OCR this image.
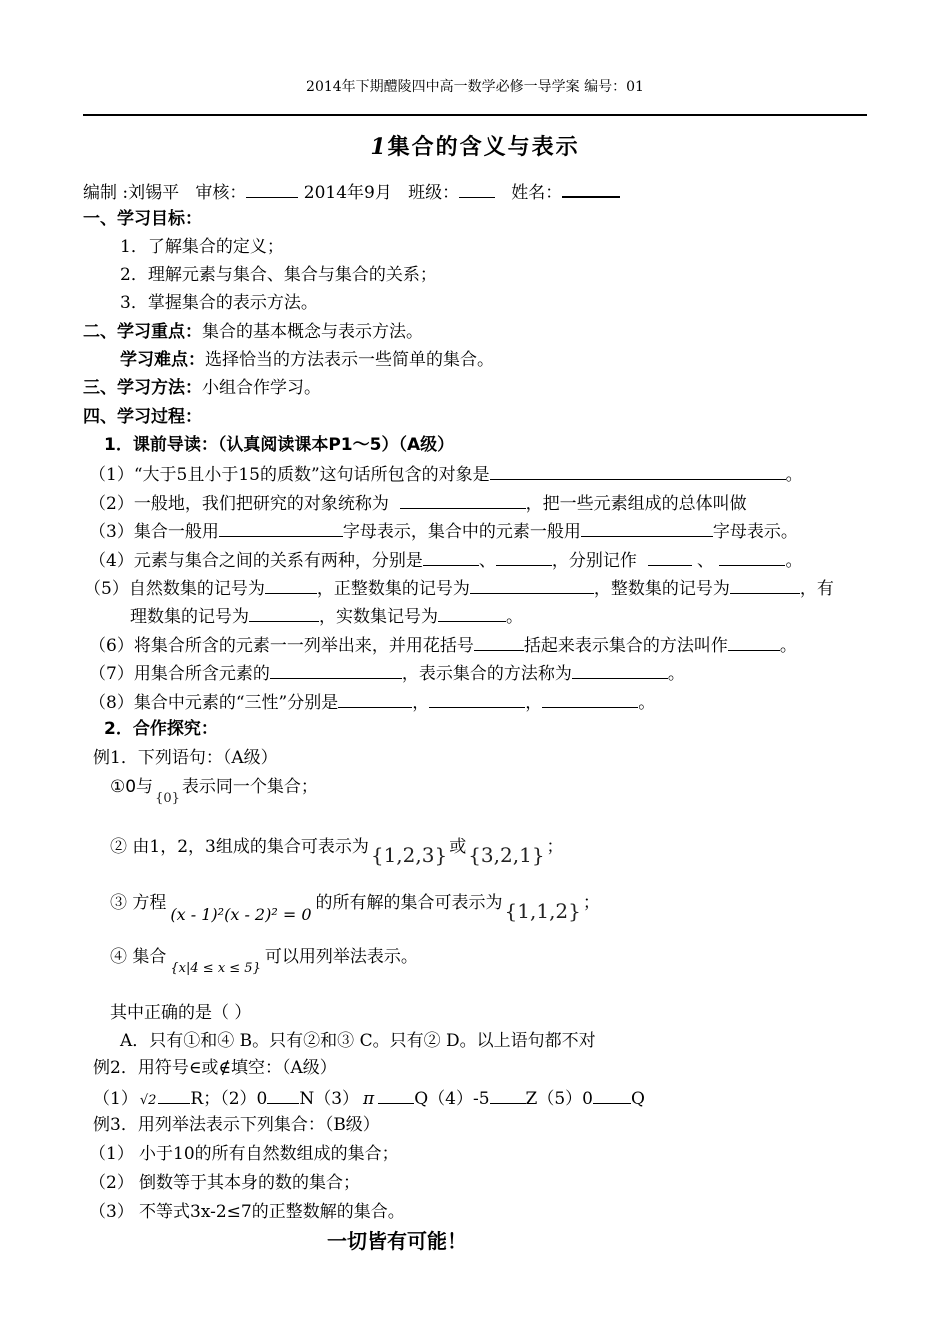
2014年下期醴陵四中高一数学必修一导学案 编号：01
1集合的含义与表示
编制 :刘锡平 审核：	2014年9月 班级：	姓名：
一、学习目标：
1．了解集合的定义；
2．理解元素与集合、集合与集合的关系；
3．掌握集合的表示方法。
二、学习重点：集合的基本概念与表示方法。
学习难点：选择恰当的方法表示一些简单的集合。
三、学习方法：小组合作学习。
四、学习过程：
1．课前导读：（认真阅读课本P1～5）（A级）
（1）“大于5且小于15的质数”这句话所包含的对象是	。
（2）一般地，我们把研究的对象统称为	，把一些元素组成的总体叫做
（3）集合一般用	字母表示，集合中的元素一般用	字母表示。
（4）元素与集合之间的关系有两种，分别是	、	，分别记作	、	。
（5）自然数集的记号为	，正整数集的记号为	，整数集的记号为	，有
理数集的记号为	，实数集记号为	。
（6）将集合所含的元素一一列举出来，并用花括号	括起来表示集合的方法叫作	。
（7）用集合所含元素的	，表示集合的方法称为	。
（8）集合中元素的“三性”分别是	，	，	。
2．合作探究：
例1．下列语句：（A级）
①0与$_{\{0\}}$表示同一个集合；
② 由1，2，3组成的集合可表示为 {1,2,3} 或 {3,2,1} ；
③ 方程(x - 1)²(x - 2)² = 0的所有解的集合可表示为 {1,1,2} ；
④ 集合$_{\{x|4 \le x \le 5\}}$可以用列举法表示。
其中正确的是（ ）
A．只有①和④ B。只有②和③ C。只有② D。以上语句都不对
例2．用符号∈或∉填空：（A级）
（1） √2 R；（2）0 N（3） π Q（4）-5 Z（5）0 Q
例3．用列举法表示下列集合：（B级）
（1） 小于10的所有自然数组成的集合；
（2） 倒数等于其本身的数的集合；
（3） 不等式3x-2≤7的正整数解的集合。
一切皆有可能！
